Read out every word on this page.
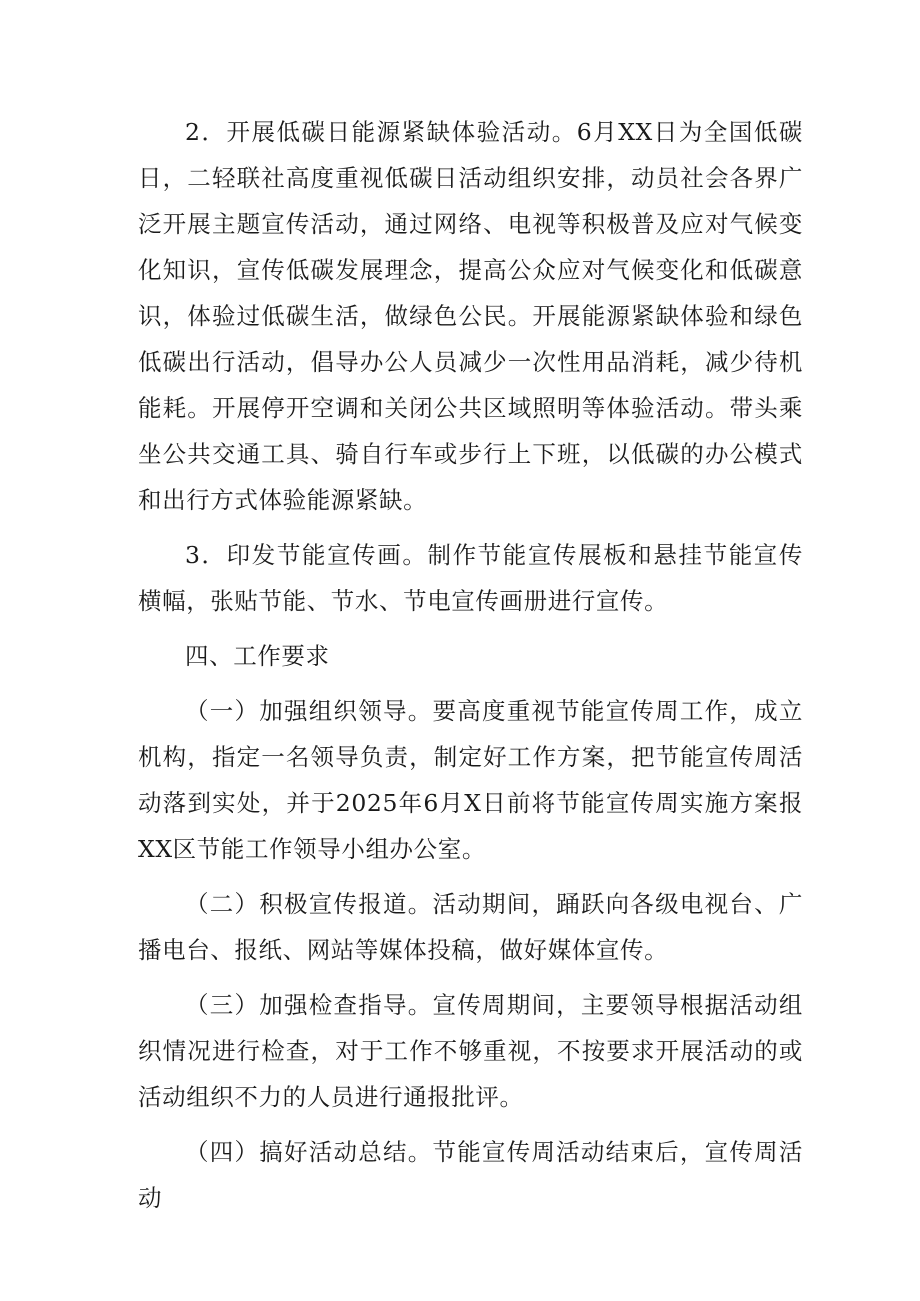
2．开展低碳日能源紧缺体验活动。6月XX日为全国低碳日，二轻联社高度重视低碳日活动组织安排，动员社会各界广泛开展主题宣传活动，通过网络、电视等积极普及应对气候变化知识，宣传低碳发展理念，提高公众应对气候变化和低碳意识，体验过低碳生活，做绿色公民。开展能源紧缺体验和绿色低碳出行活动，倡导办公人员减少一次性用品消耗，减少待机能耗。开展停开空调和关闭公共区域照明等体验活动。带头乘坐公共交通工具、骑自行车或步行上下班，以低碳的办公模式和出行方式体验能源紧缺。

3．印发节能宣传画。制作节能宣传展板和悬挂节能宣传横幅，张贴节能、节水、节电宣传画册进行宣传。

四、工作要求

（一）加强组织领导。要高度重视节能宣传周工作，成立机构，指定一名领导负责，制定好工作方案，把节能宣传周活动落到实处，并于2025年6月X日前将节能宣传周实施方案报XX区节能工作领导小组办公室。

（二）积极宣传报道。活动期间，踊跃向各级电视台、广播电台、报纸、网站等媒体投稿，做好媒体宣传。

（三）加强检查指导。宣传周期间，主要领导根据活动组织情况进行检查，对于工作不够重视，不按要求开展活动的或活动组织不力的人员进行通报批评。

（四）搞好活动总结。节能宣传周活动结束后，宣传周活动
